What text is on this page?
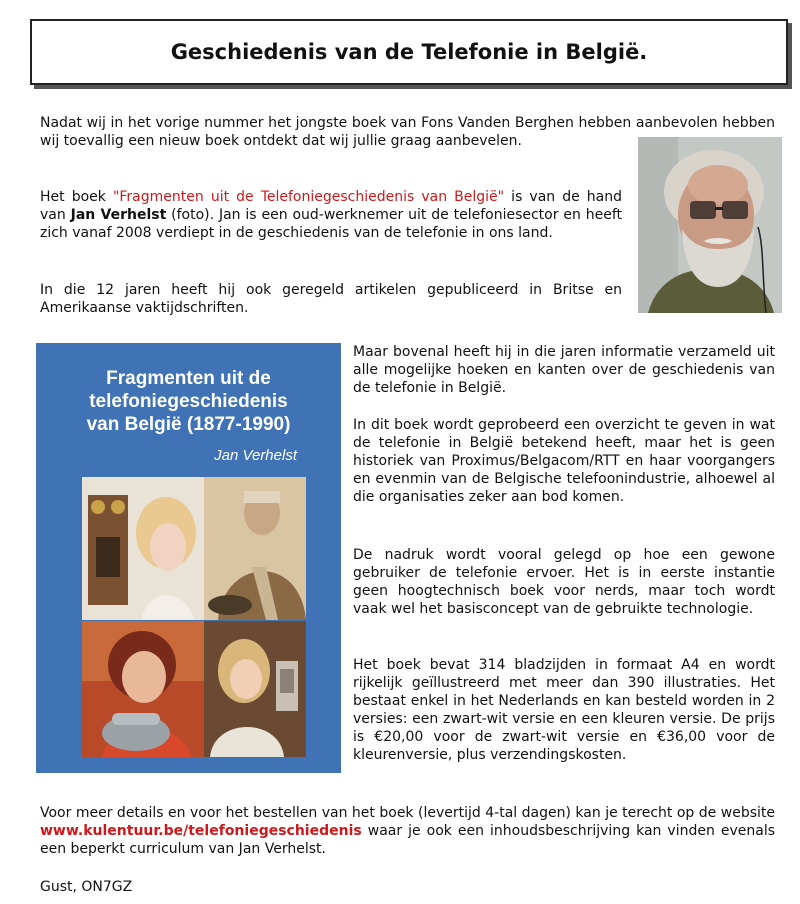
Geschiedenis van de Telefonie in België.

Nadat wij in het vorige nummer het jongste boek van Fons Vanden Berghen hebben aanbevolen hebben wij toevallig een nieuw boek ontdekt dat wij jullie graag aanbevelen.

Het boek "Fragmenten uit de Telefoniegeschiedenis van België" is van de hand van Jan Verhelst (foto). Jan is een oud-werknemer uit de telefoniesector en heeft zich vanaf 2008 verdiept in de geschiedenis van de telefonie in ons land.

In die 12 jaren heeft hij ook geregeld artikelen gepubliceerd in Britse en Amerikaanse vaktijdschriften.

Fragmenten uit de
telefoniegeschiedenis
van België (1877-1990)
Jan Verhelst

Maar bovenal heeft hij in die jaren informatie verzameld uit alle mogelijke hoeken en kanten over de geschiedenis van de telefonie in België.

In dit boek wordt geprobeerd een overzicht te geven in wat de telefonie in België betekend heeft, maar het is geen historiek van Proximus/Belgacom/RTT en haar voorgangers en evenmin van de Belgische telefoonindustrie, alhoewel al die organisaties zeker aan bod komen.

De nadruk wordt vooral gelegd op hoe een gewone gebruiker de telefonie ervoer. Het is in eerste instantie geen hoogtechnisch boek voor nerds, maar toch wordt vaak wel het basisconcept van de gebruikte technologie.

Het boek bevat 314 bladzijden in formaat A4 en wordt rijkelijk geïllustreerd met meer dan 390 illustraties. Het bestaat enkel in het Nederlands en kan besteld worden in 2 versies: een zwart-wit versie en een kleuren versie. De prijs is €20,00 voor de zwart-wit versie en €36,00 voor de kleurenversie, plus verzendingskosten.

Voor meer details en voor het bestellen van het boek (levertijd 4-tal dagen) kan je terecht op de website www.kulentuur.be/telefoniegeschiedenis waar je ook een inhoudsbeschrijving kan vinden evenals een beperkt curriculum van Jan Verhelst.

Gust, ON7GZ
